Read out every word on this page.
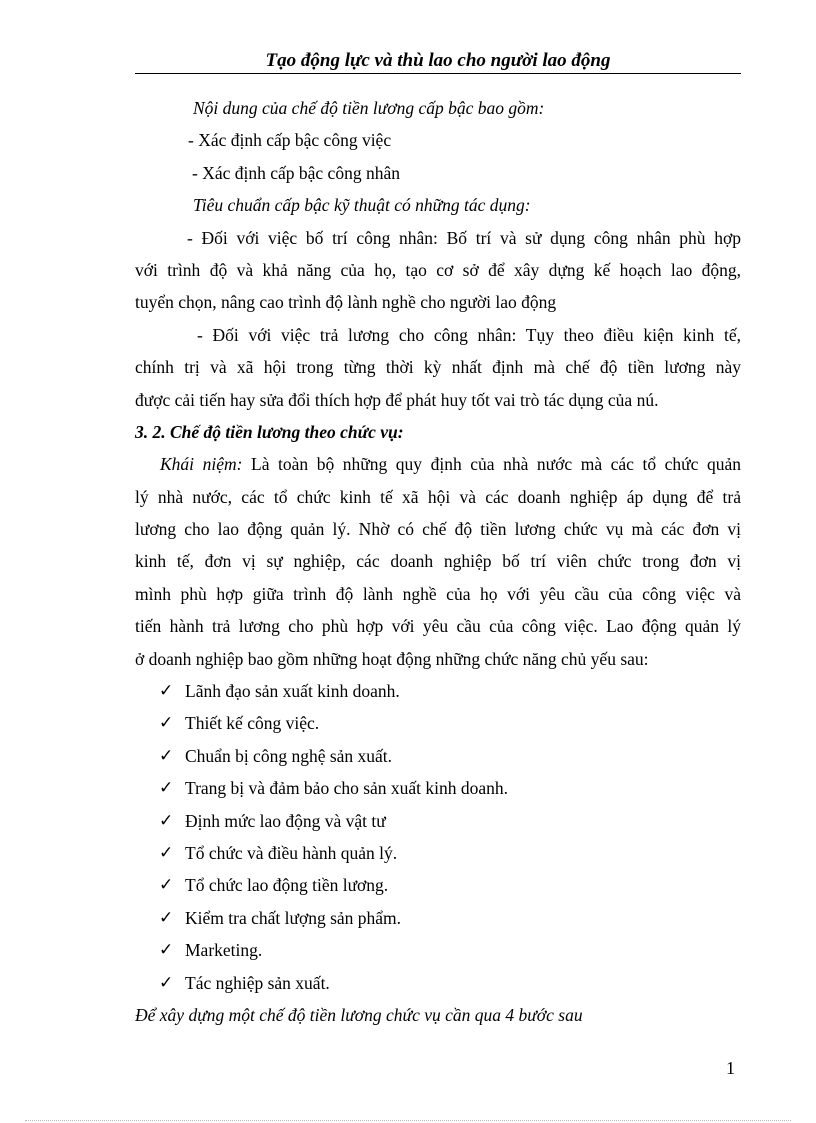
Tạo động lực và thù lao cho người lao động
Nội dung của chế độ tiền lương cấp bậc bao gồm:
- Xác định cấp bậc công việc
- Xác định cấp bậc công nhân
Tiêu chuẩn cấp bậc kỹ thuật có những tác dụng:
- Đối với việc bố trí công nhân: Bố trí và sử dụng công nhân phù hợp
với trình độ và khả năng của họ, tạo cơ sở để xây dựng kế hoạch lao động,
tuyển chọn, nâng cao trình độ lành nghề cho người lao động
- Đối với việc trả lương cho công nhân: Tụy theo điều kiện kinh tế,
chính trị và xã hội trong từng thời kỳ nhất định mà chế độ tiền lương này
được cải tiến hay sửa đổi thích hợp để phát huy tốt vai trò tác dụng của nú.
3. 2. Chế độ tiền lương theo chức vụ:
Khái niệm: Là toàn bộ những quy định của nhà nước mà các tổ chức quản
lý nhà nước, các tổ chức kinh tế xã hội và các doanh nghiệp áp dụng để trả
lương cho lao động quản lý. Nhờ có chế độ tiền lương chức vụ mà các đơn vị
kinh tế, đơn vị sự nghiệp, các doanh nghiệp bố trí viên chức trong đơn vị
mình phù hợp giữa trình độ lành nghề của họ với yêu cầu của công việc và
tiến hành trả lương cho phù hợp với yêu cầu của công việc. Lao động quản lý
ở doanh nghiệp bao gồm những hoạt động những chức năng chủ yếu sau:
✓ Lãnh đạo sản xuất kinh doanh.
✓ Thiết kế công việc.
✓ Chuẩn bị công nghệ sản xuất.
✓ Trang bị và đảm bảo cho sản xuất kinh doanh.
✓ Định mức lao động và vật tư
✓ Tổ chức và điều hành quản lý.
✓ Tổ chức lao động tiền lương.
✓ Kiểm tra chất lượng sản phẩm.
✓ Marketing.
✓ Tác nghiệp sản xuất.
Để xây dựng một chế độ tiền lương chức vụ cần qua 4 bước sau
1
